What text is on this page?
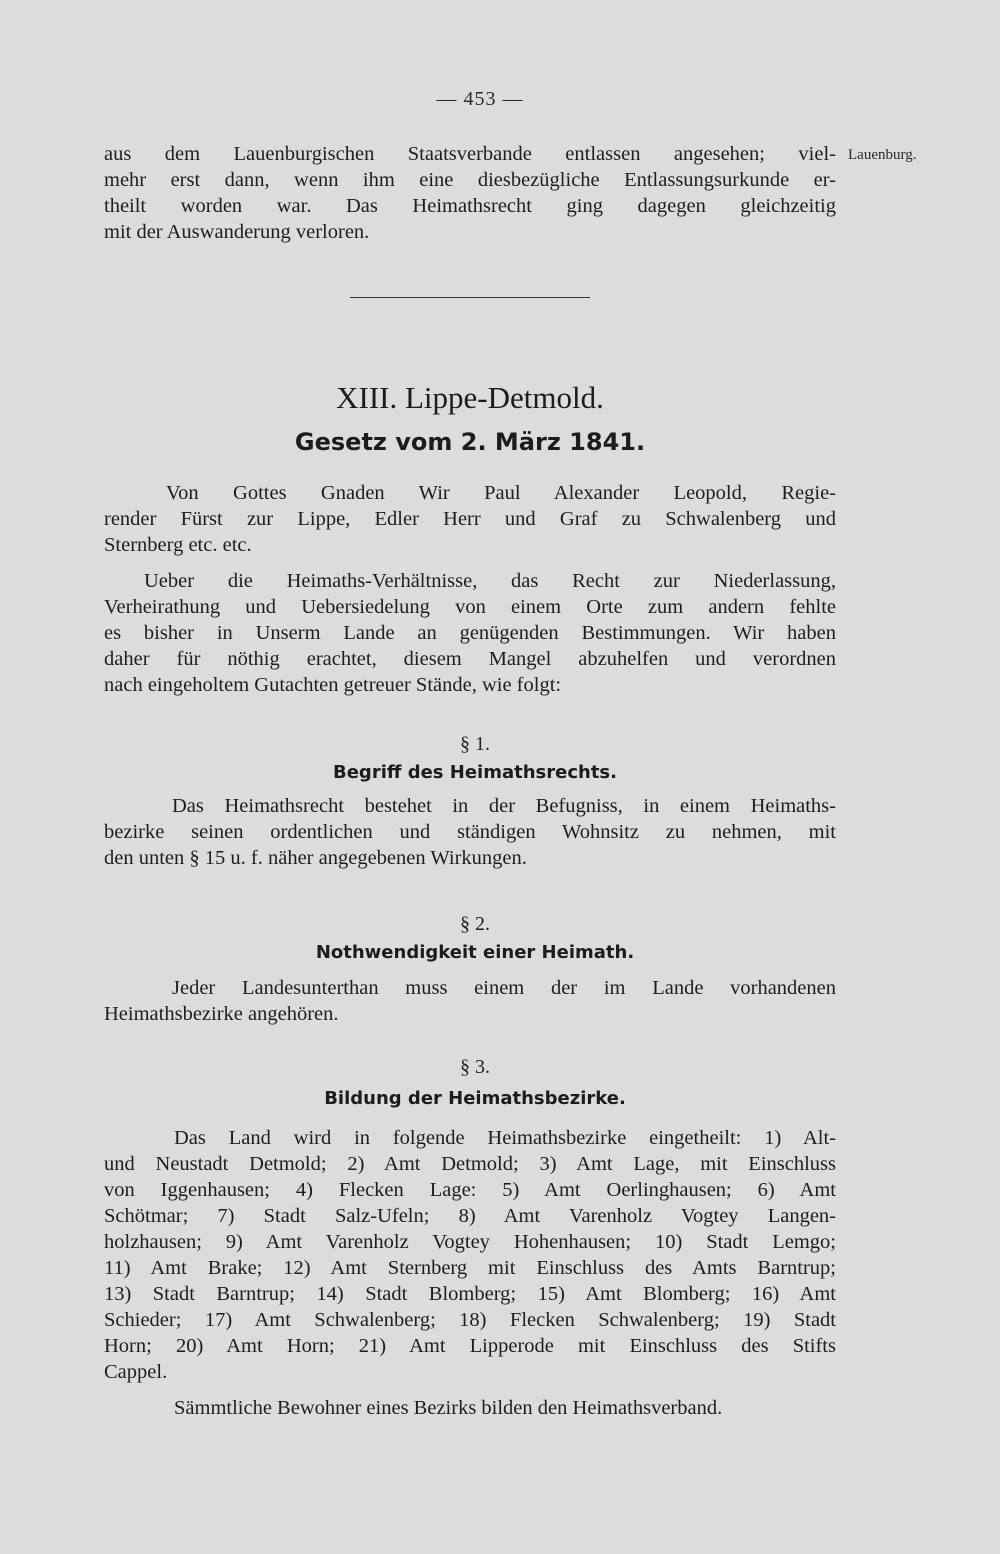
— 453 —
Lauenburg.

aus dem Lauenburgischen Staatsverbande entlassen angesehen; viel-
mehr erst dann, wenn ihm eine diesbezügliche Entlassungsurkunde er-
theilt worden war. Das Heimathsrecht ging dagegen gleichzeitig
mit der Auswanderung verloren.

XIII. Lippe-Detmold.
Gesetz vom 2. März 1841.

Von Gottes Gnaden Wir Paul Alexander Leopold, Regie-

render Fürst zur Lippe, Edler Herr und Graf zu Schwalenberg und
Sternberg etc. etc.

Ueber die Heimaths-Verhältnisse, das Recht zur Niederlassung,
Verheirathung und Uebersiedelung von einem Orte zum andern fehlte
es bisher in Unserm Lande an genügenden Bestimmungen. Wir haben
daher für nöthig erachtet, diesem Mangel abzuhelfen und verordnen
nach eingeholtem Gutachten getreuer Stände, wie folgt:

§ 1.
Begriff des Heimathsrechts.

Das Heimathsrecht bestehet in der Befugniss, in einem Heimaths-
bezirke seinen ordentlichen und ständigen Wohnsitz zu nehmen, mit
den unten § 15 u. f. näher angegebenen Wirkungen.

§ 2.
Nothwendigkeit einer Heimath.

Jeder Landesunterthan muss einem der im Lande vorhandenen
Heimathsbezirke angehören.

§ 3.
Bildung der Heimathsbezirke.

Das Land wird in folgende Heimathsbezirke eingetheilt: 1) Alt-
und Neustadt Detmold; 2) Amt Detmold; 3) Amt Lage, mit Einschluss
von Iggenhausen; 4) Flecken Lage: 5) Amt Oerlinghausen; 6) Amt
Schötmar; 7) Stadt Salz-Ufeln; 8) Amt Varenholz Vogtey Langen-
holzhausen; 9) Amt Varenholz Vogtey Hohenhausen; 10) Stadt Lemgo;
11) Amt Brake; 12) Amt Sternberg mit Einschluss des Amts Barntrup;
13) Stadt Barntrup; 14) Stadt Blomberg; 15) Amt Blomberg; 16) Amt
Schieder; 17) Amt Schwalenberg; 18) Flecken Schwalenberg; 19) Stadt
Horn; 20) Amt Horn; 21) Amt Lipperode mit Einschluss des Stifts
Cappel.

Sämmtliche Bewohner eines Bezirks bilden den Heimathsverband.
